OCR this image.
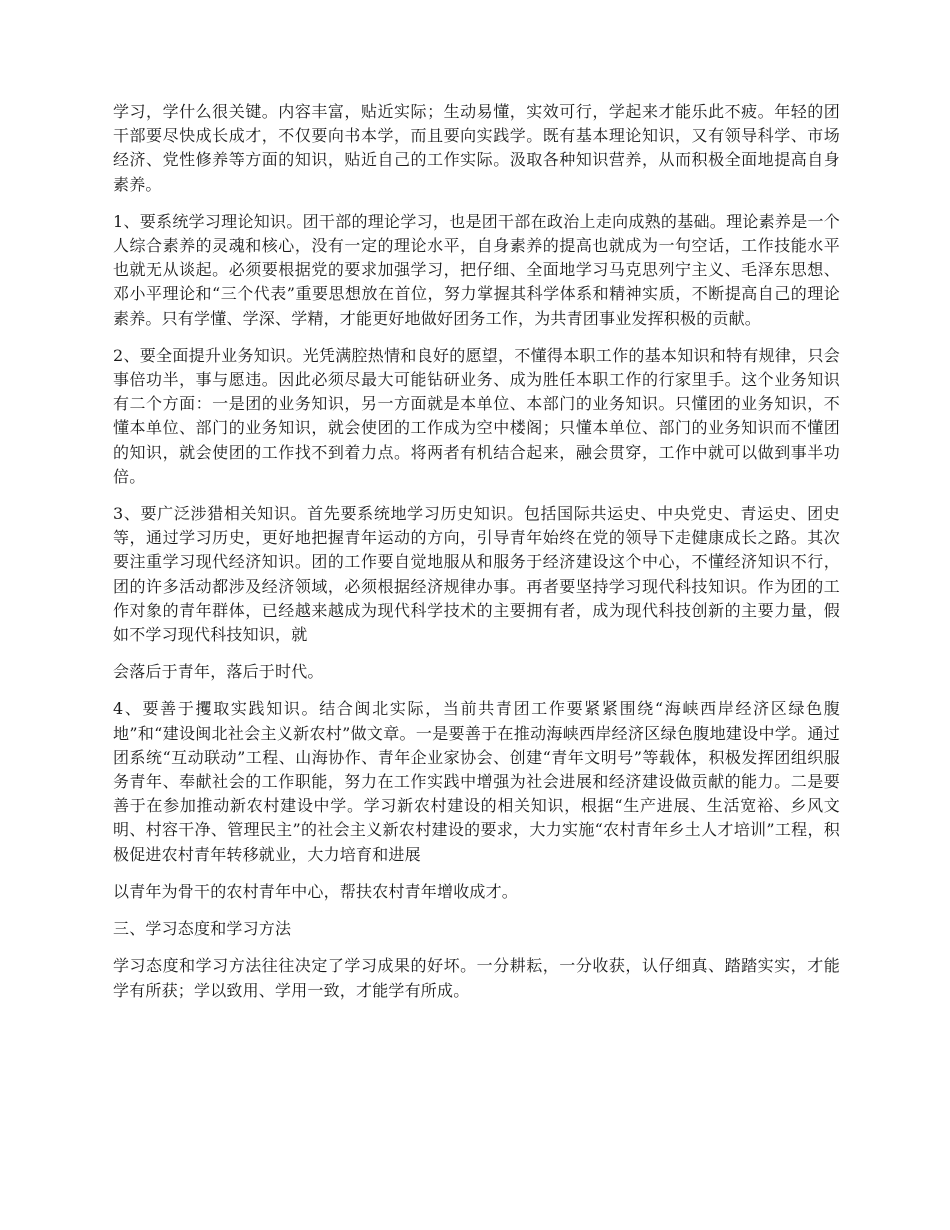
学习，学什么很关键。内容丰富，贴近实际；生动易懂，实效可行，学起来才能乐此不疲。年轻的团干部要尽快成长成才，不仅要向书本学，而且要向实践学。既有基本理论知识，又有领导科学、市场经济、党性修养等方面的知识，贴近自己的工作实际。汲取各种知识营养，从而积极全面地提高自身素养。

1、要系统学习理论知识。团干部的理论学习，也是团干部在政治上走向成熟的基础。理论素养是一个人综合素养的灵魂和核心，没有一定的理论水平，自身素养的提高也就成为一句空话，工作技能水平也就无从谈起。必须要根据党的要求加强学习，把仔细、全面地学习马克思列宁主义、毛泽东思想、邓小平理论和“三个代表”重要思想放在首位，努力掌握其科学体系和精神实质，不断提高自己的理论素养。只有学懂、学深、学精，才能更好地做好团务工作，为共青团事业发挥积极的贡献。

2、要全面提升业务知识。光凭满腔热情和良好的愿望，不懂得本职工作的基本知识和特有规律，只会事倍功半，事与愿违。因此必须尽最大可能钻研业务、成为胜任本职工作的行家里手。这个业务知识有二个方面：一是团的业务知识，另一方面就是本单位、本部门的业务知识。只懂团的业务知识，不懂本单位、部门的业务知识，就会使团的工作成为空中楼阁；只懂本单位、部门的业务知识而不懂团的知识，就会使团的工作找不到着力点。将两者有机结合起来，融会贯穿，工作中就可以做到事半功倍。

3、要广泛涉猎相关知识。首先要系统地学习历史知识。包括国际共运史、中央党史、青运史、团史等，通过学习历史，更好地把握青年运动的方向，引导青年始终在党的领导下走健康成长之路。其次要注重学习现代经济知识。团的工作要自觉地服从和服务于经济建设这个中心，不懂经济知识不行，团的许多活动都涉及经济领域，必须根据经济规律办事。再者要坚持学习现代科技知识。作为团的工作对象的青年群体，已经越来越成为现代科学技术的主要拥有者，成为现代科技创新的主要力量，假如不学习现代科技知识，就

会落后于青年，落后于时代。

4、要善于攫取实践知识。结合闽北实际，当前共青团工作要紧紧围绕“海峡西岸经济区绿色腹地”和“建设闽北社会主义新农村”做文章。一是要善于在推动海峡西岸经济区绿色腹地建设中学。通过团系统“互动联动”工程、山海协作、青年企业家协会、创建“青年文明号”等载体，积极发挥团组织服务青年、奉献社会的工作职能，努力在工作实践中增强为社会进展和经济建设做贡献的能力。二是要善于在参加推动新农村建设中学。学习新农村建设的相关知识，根据“生产进展、生活宽裕、乡风文明、村容干净、管理民主”的社会主义新农村建设的要求，大力实施“农村青年乡土人才培训”工程，积极促进农村青年转移就业，大力培育和进展

以青年为骨干的农村青年中心，帮扶农村青年增收成才。

三、学习态度和学习方法

学习态度和学习方法往往决定了学习成果的好坏。一分耕耘，一分收获，认仔细真、踏踏实实，才能学有所获；学以致用、学用一致，才能学有所成。
